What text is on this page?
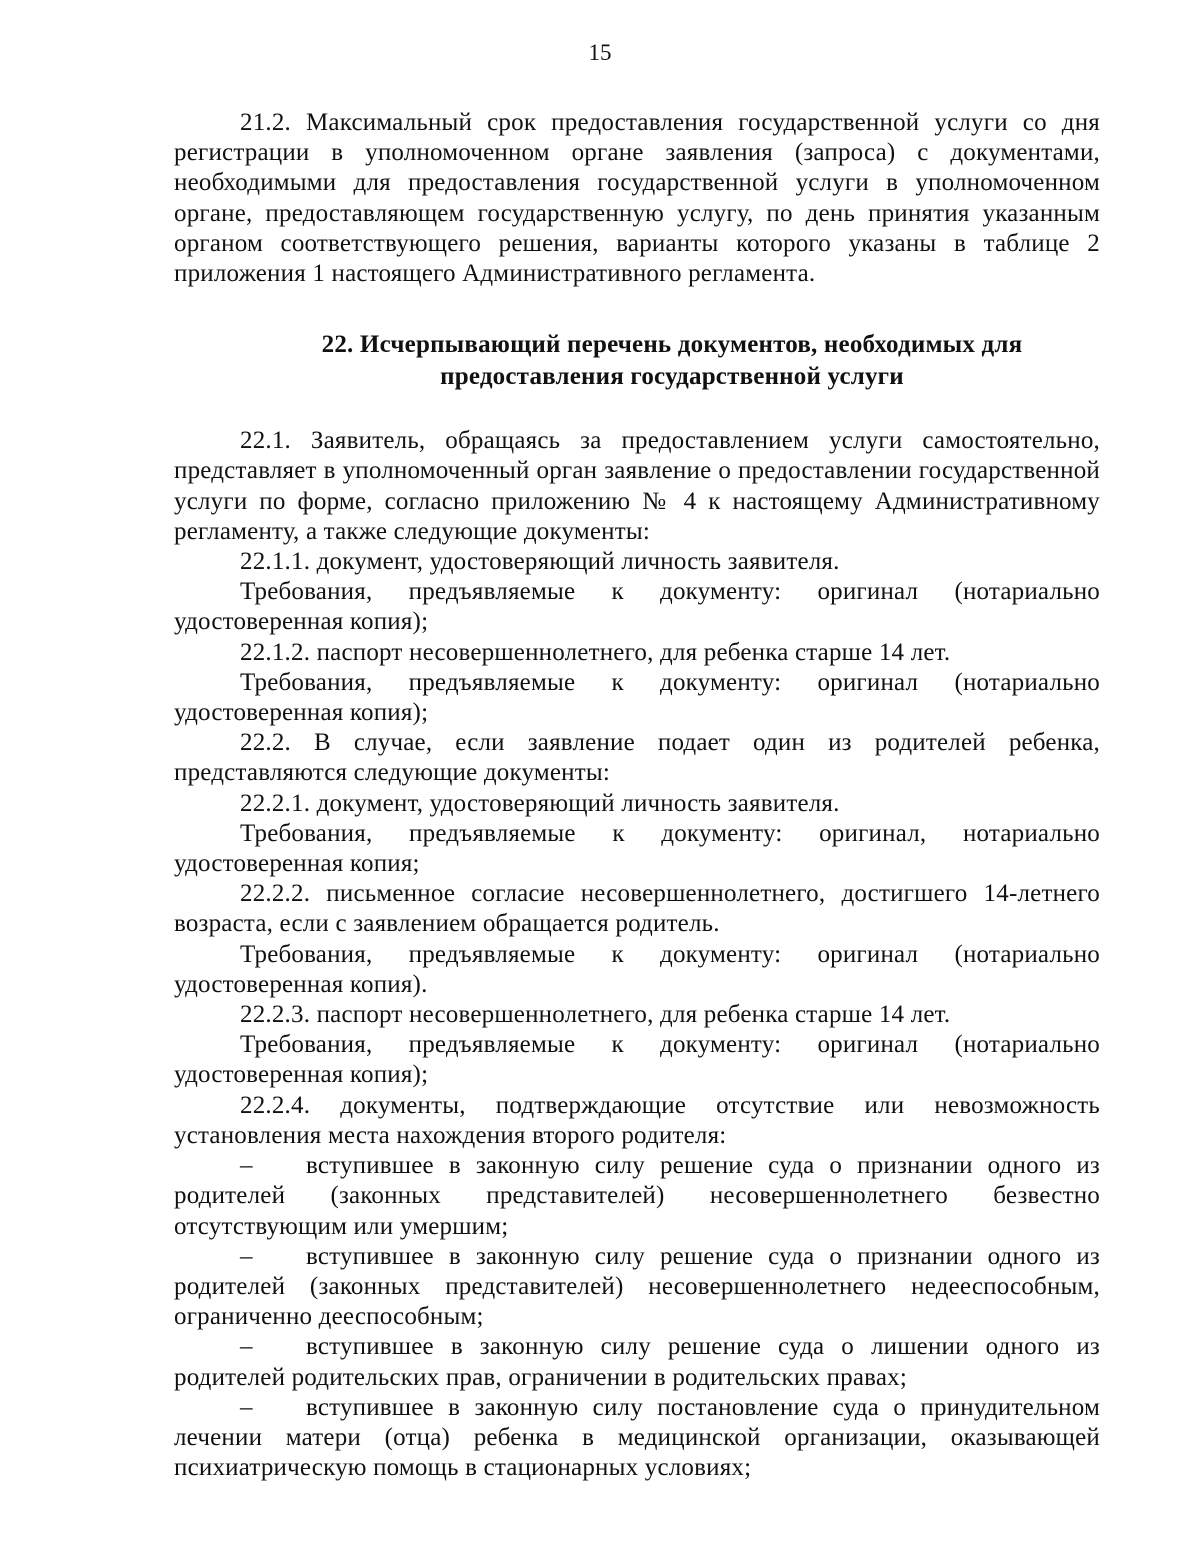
15

21.2. Максимальный срок предоставления государственной услуги со дня регистрации в уполномоченном органе заявления (запроса) с документами, необходимыми для предоставления государственной услуги в уполномоченном органе, предоставляющем государственную услугу, по день принятия указанным органом соответствующего решения, варианты которого указаны в таблице 2 приложения 1 настоящего Административного регламента.

22. Исчерпывающий перечень документов, необходимых для
предоставления государственной услуги

22.1. Заявитель, обращаясь за предоставлением услуги самостоятельно, представляет в уполномоченный орган заявление о предоставлении государственной услуги по форме, согласно приложению № 4 к настоящему Административному регламенту, а также следующие документы:

22.1.1. документ, удостоверяющий личность заявителя.

Требования, предъявляемые к документу: оригинал (нотариально удостоверенная копия);

22.1.2. паспорт несовершеннолетнего, для ребенка старше 14 лет.

Требования, предъявляемые к документу: оригинал (нотариально удостоверенная копия);

22.2. В случае, если заявление подает один из родителей ребенка, представляются следующие документы:

22.2.1. документ, удостоверяющий личность заявителя.

Требования, предъявляемые к документу: оригинал, нотариально удостоверенная копия;

22.2.2. письменное согласие несовершеннолетнего, достигшего 14-летнего возраста, если с заявлением обращается родитель.

Требования, предъявляемые к документу: оригинал (нотариально удостоверенная копия).

22.2.3. паспорт несовершеннолетнего, для ребенка старше 14 лет.

Требования, предъявляемые к документу: оригинал (нотариально удостоверенная копия);

22.2.4. документы, подтверждающие отсутствие или невозможность установления места нахождения второго родителя:

– вступившее в законную силу решение суда о признании одного из родителей (законных представителей) несовершеннолетнего безвестно отсутствующим или умершим;

– вступившее в законную силу решение суда о признании одного из родителей (законных представителей) несовершеннолетнего недееспособным, ограниченно дееспособным;

– вступившее в законную силу решение суда о лишении одного из родителей родительских прав, ограничении в родительских правах;

– вступившее в законную силу постановление суда о принудительном лечении матери (отца) ребенка в медицинской организации, оказывающей психиатрическую помощь в стационарных условиях;
